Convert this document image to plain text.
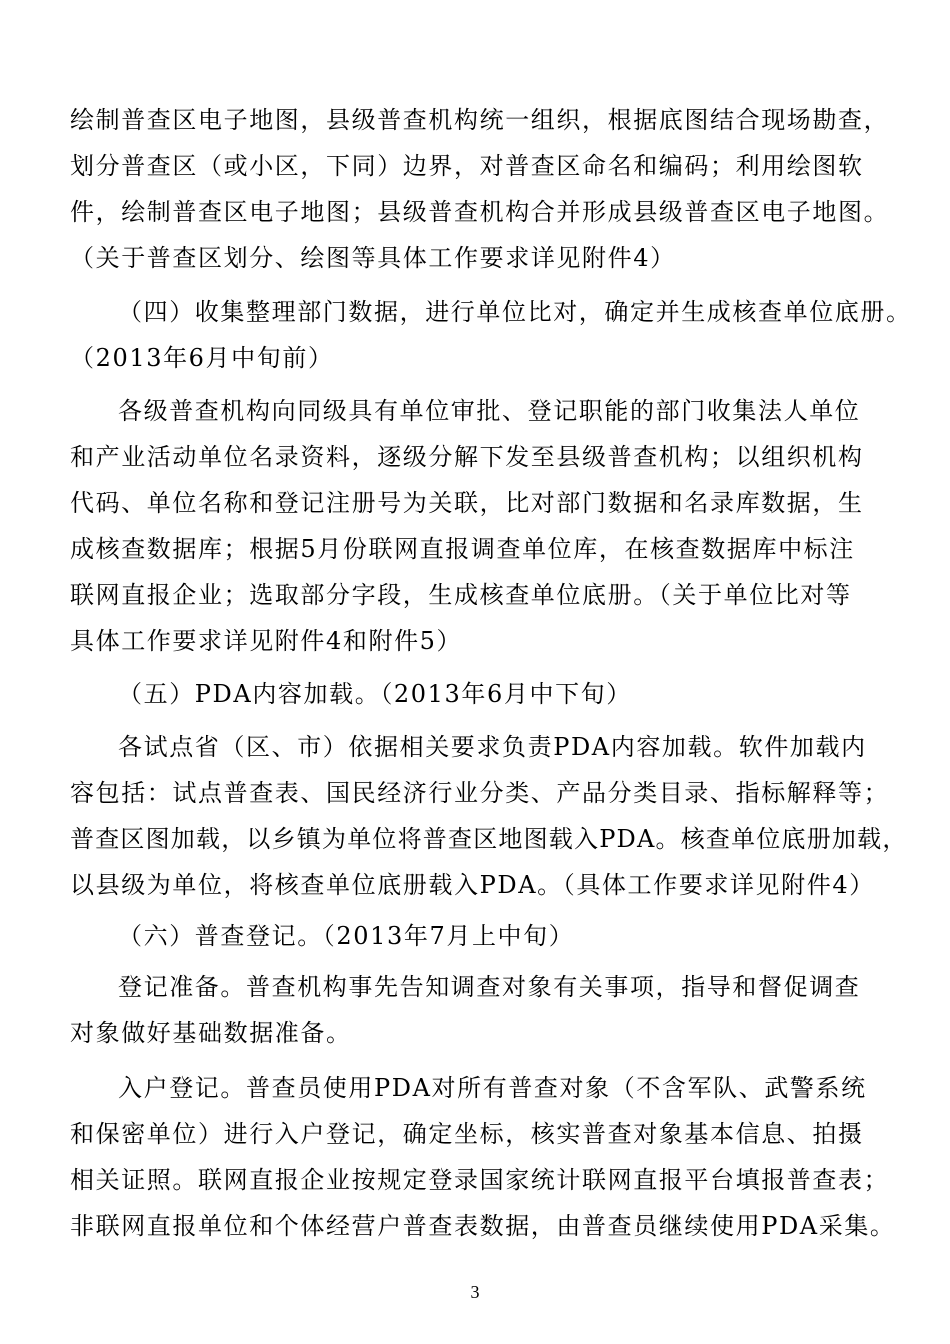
绘制普查区电子地图，县级普查机构统一组织，根据底图结合现场勘查，
划分普查区（或小区，下同）边界，对普查区命名和编码；利用绘图软
件，绘制普查区电子地图；县级普查机构合并形成县级普查区电子地图。
（关于普查区划分、绘图等具体工作要求详见附件4）
（四）收集整理部门数据，进行单位比对，确定并生成核查单位底册。
（2013年6月中旬前）
各级普查机构向同级具有单位审批、登记职能的部门收集法人单位
和产业活动单位名录资料，逐级分解下发至县级普查机构；以组织机构
代码、单位名称和登记注册号为关联，比对部门数据和名录库数据，生
成核查数据库；根据5月份联网直报调查单位库，在核查数据库中标注
联网直报企业；选取部分字段，生成核查单位底册。（关于单位比对等
具体工作要求详见附件4和附件5）
（五）PDA内容加载。（2013年6月中下旬）
各试点省（区、市）依据相关要求负责PDA内容加载。软件加载内
容包括：试点普查表、国民经济行业分类、产品分类目录、指标解释等；
普查区图加载，以乡镇为单位将普查区地图载入PDA。核查单位底册加载，
以县级为单位，将核查单位底册载入PDA。（具体工作要求详见附件4）
（六）普查登记。（2013年7月上中旬）
登记准备。普查机构事先告知调查对象有关事项，指导和督促调查
对象做好基础数据准备。
入户登记。普查员使用PDA对所有普查对象（不含军队、武警系统
和保密单位）进行入户登记，确定坐标，核实普查对象基本信息、拍摄
相关证照。联网直报企业按规定登录国家统计联网直报平台填报普查表；
非联网直报单位和个体经营户普查表数据，由普查员继续使用PDA采集。
3
